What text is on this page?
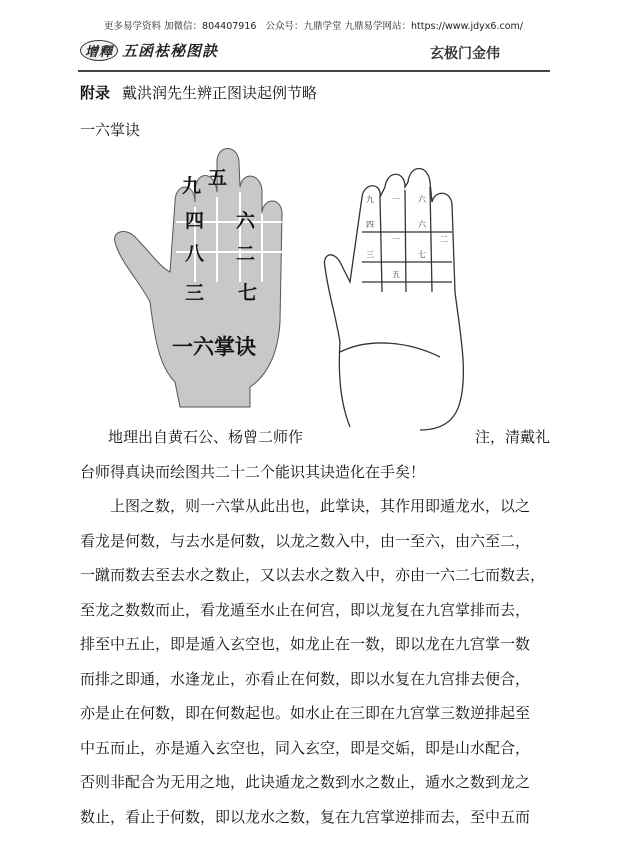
更多易学资料 加微信：804407916 公众号：九鼎学堂 九鼎易学网站：https://www.jdyx6.com/
增釋 五函袪秘图訣	玄极门金伟
附录 戴洪润先生辨正图诀起例节略
一六掌诀
九 五
四 六
八 二
三 七
一六掌诀
四
九
三
六
七
一
一
六
五
二
地理出自黄石公、杨曾二师作	注，清戴礼
台师得真诀而绘图共二十二个能识其诀造化在手矣！
　　上图之数，则一六掌从此出也，此掌诀，其作用即遁龙水，以之
看龙是何数，与去水是何数，以龙之数入中，由一至六，由六至二，
一蹴而数去至去水之数止，又以去水之数入中，亦由一六二七而数去，
至龙之数数而止，看龙遁至水止在何宫，即以龙复在九宫掌排而去，
排至中五止，即是遁入玄空也，如龙止在一数，即以龙在九宫掌一数
而排之即通，水逢龙止，亦看止在何数，即以水复在九宫排去便合，
亦是止在何数，即在何数起也。如水止在三即在九宫掌三数逆排起至
中五而止，亦是遁入玄空也，同入玄空，即是交姤，即是山水配合，
否则非配合为无用之地，此诀遁龙之数到水之数止，遁水之数到龙之
数止，看止于何数，即以龙水之数，复在九宫掌逆排而去，至中五而
